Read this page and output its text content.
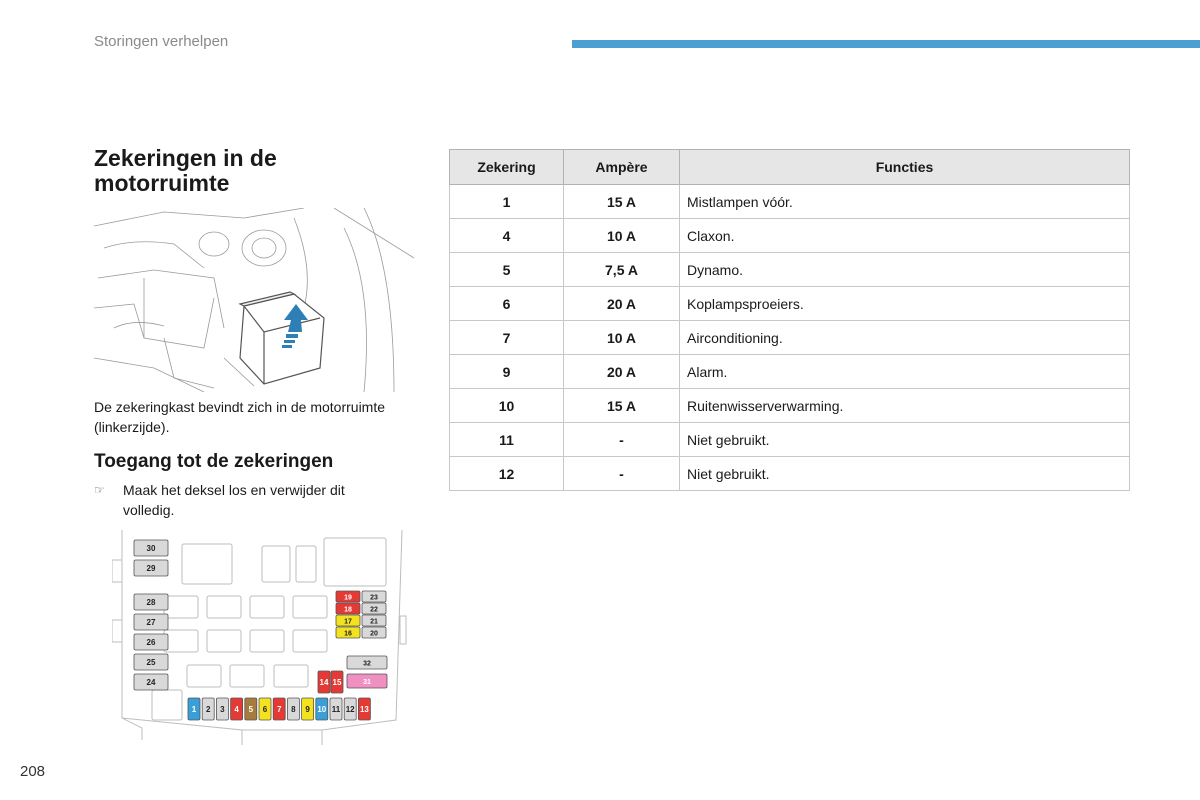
Storingen verhelpen
Zekeringen in de
motorruimte
De zekeringkast bevindt zich in de motorruimte (linkerzijde).
Toegang tot de zekeringen
☞ Maak het deksel los en verwijder dit volledig.
30
29
28
27
26
25
24
19	23
18	22
17	21
16	20
32
31
14 15
1 2 3 4 5 6 7 8 9 10 11 12 13
Zekering	Ampère	Functies
1	15 A	Mistlampen vóór.
4	10 A	Claxon.
5	7,5 A	Dynamo.
6	20 A	Koplampsproeiers.
7	10 A	Airconditioning.
9	20 A	Alarm.
10	15 A	Ruitenwisserverwarming.
11	-	Niet gebruikt.
12	-	Niet gebruikt.
208
